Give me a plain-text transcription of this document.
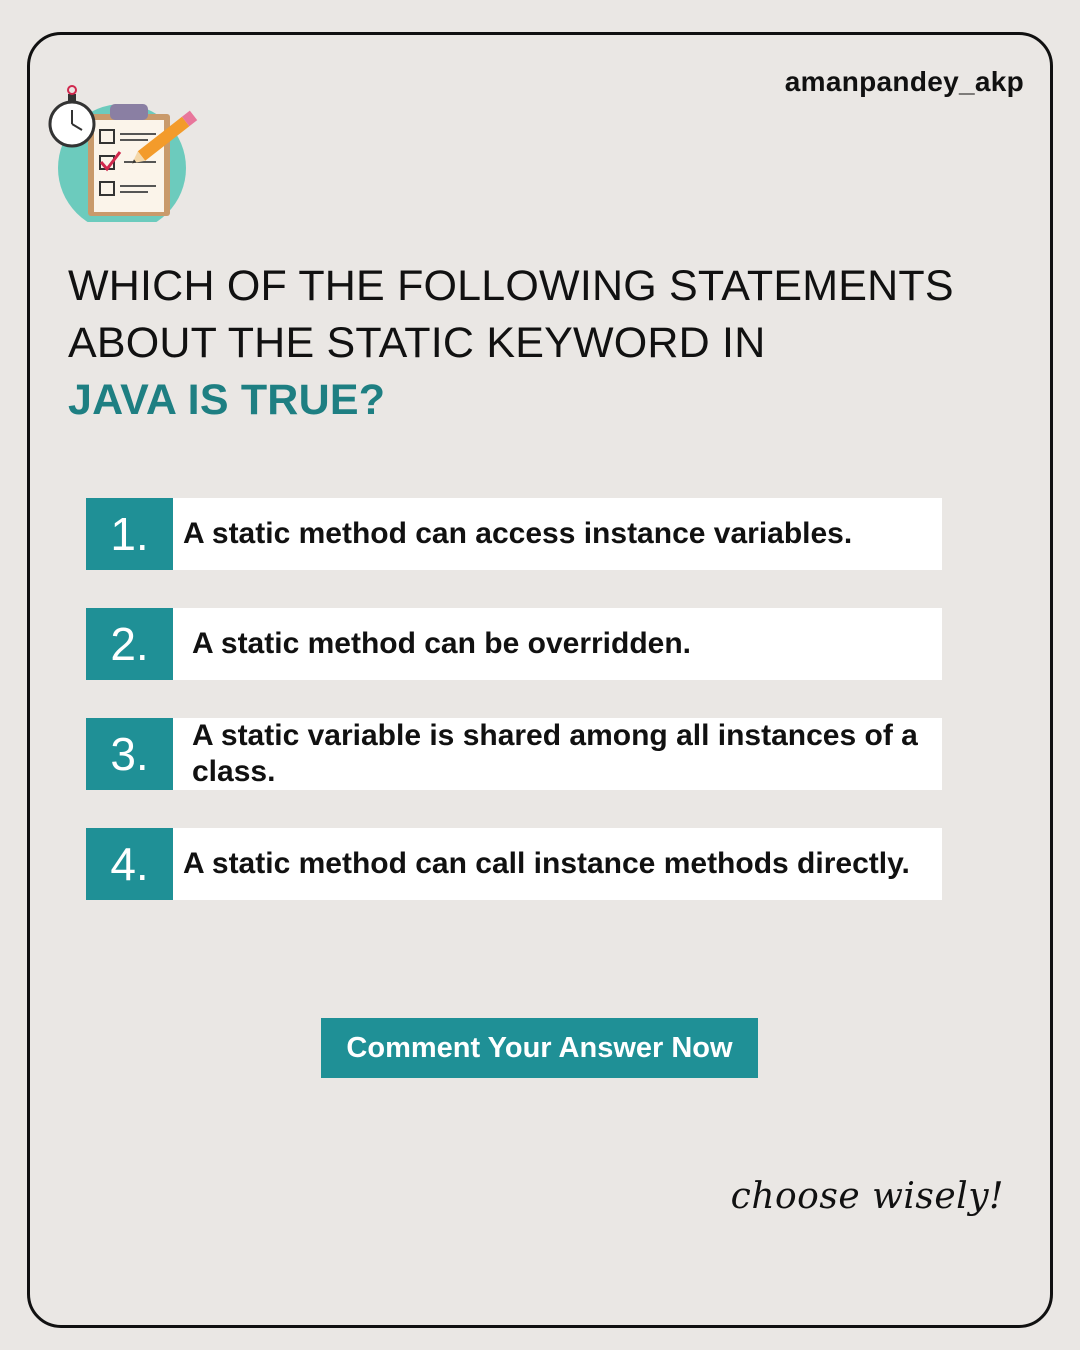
amanpandey_akp
WHICH OF THE FOLLOWING STATEMENTS
ABOUT THE STATIC KEYWORD IN
JAVA IS TRUE?
1.	A static method can access instance variables.
2.	A static method can be overridden.
3.	A static variable is shared among all instances of a class.
4.	A static method can call instance methods directly.
Comment Your Answer Now
choose wisely!
